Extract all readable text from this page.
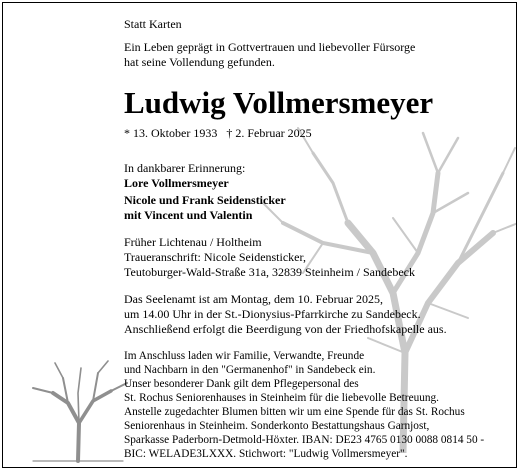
Statt Karten
Ein Leben geprägt in Gottvertrauen und liebevoller Fürsorge
hat seine Vollendung gefunden.
Ludwig Vollmersmeyer
* 13. Oktober 1933   † 2. Februar 2025
In dankbarer Erinnerung:
Lore Vollmersmeyer
Nicole und Frank Seidensticker
mit Vincent und Valentin
Früher Lichtenau / Holtheim
Traueranschrift: Nicole Seidensticker,
Teutoburger-Wald-Straße 31a, 32839 Steinheim / Sandebeck
Das Seelenamt ist am Montag, dem 10. Februar 2025,
um 14.00 Uhr in der St.-Dionysius-Pfarrkirche zu Sandebeck.
Anschließend erfolgt die Beerdigung von der Friedhofskapelle aus.
Im Anschluss laden wir Familie, Verwandte, Freunde
und Nachbarn in den "Germanenhof" in Sandebeck ein.
Unser besonderer Dank gilt dem Pflegepersonal des
St. Rochus Seniorenhauses in Steinheim für die liebevolle Betreuung.
Anstelle zugedachter Blumen bitten wir um eine Spende für das St. Rochus
Seniorenhaus in Steinheim. Sonderkonto Bestattungshaus Garnjost,
Sparkasse Paderborn-Detmold-Höxter. IBAN: DE23 4765 0130 0088 0814 50 -
BIC: WELADE3LXXX. Stichwort: "Ludwig Vollmersmeyer".
